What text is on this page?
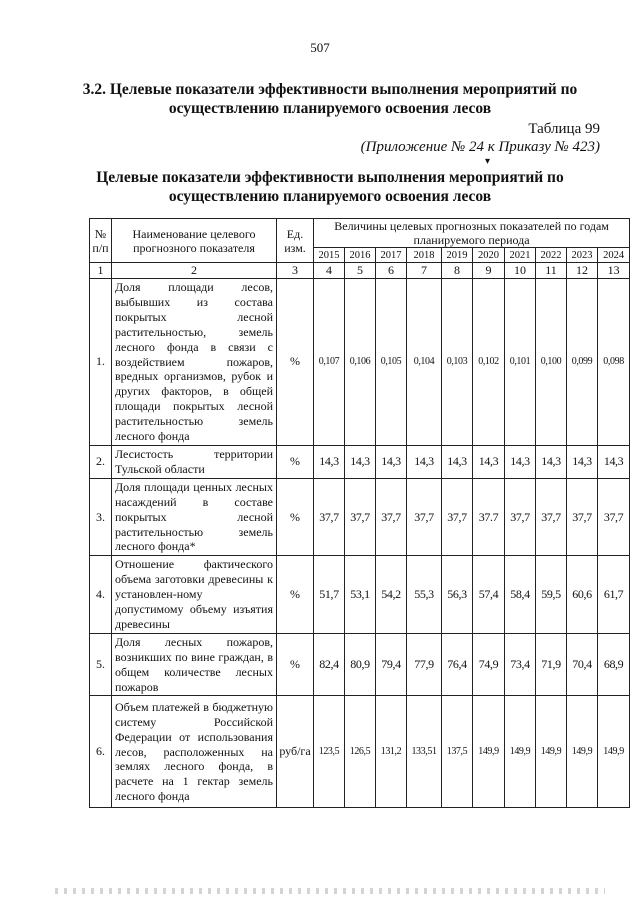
507
3.2. Целевые показатели эффективности выполнения мероприятий по
осуществлению планируемого освоения лесов
Таблица 99
(Приложение № 24 к Приказу № 423)
▾
Целевые показатели эффективности выполнения мероприятий по
осуществлению планируемого освоения лесов
№ п/п	Наименование целевого прогнозного показателя	Ед. изм.	Величины целевых прогнозных показателей по годам планируемого периода									
			2015	2016	2017	2018	2019	2020	2021	2022	2023	2024
1	2	3	4	5	6	7	8	9	10	11	12	13
1.	Доля площади лесов, выбывших из состава покрытых лесной растительностью, земель лесного фонда в связи с воздействием пожаров, вредных организмов, рубок и других факторов, в общей площади покрытых лесной растительностью земель лесного фонда	%	0,107	0,106	0,105	0,104	0,103	0,102	0,101	0,100	0,099	0,098
2.	Лесистость территории Тульской области	%	14,3	14,3	14,3	14,3	14,3	14,3	14,3	14,3	14,3	14,3
3.	Доля площади ценных лесных насаждений в составе покрытых лесной растительностью земель лесного фонда*	%	37,7	37,7	37,7	37,7	37,7	37.7	37,7	37,7	37,7	37,7
4.	Отношение фактического объема заготовки древесины к установлен-ному допустимому объему изъятия древесины	%	51,7	53,1	54,2	55,3	56,3	57,4	58,4	59,5	60,6	61,7
5.	Доля лесных пожаров, возникших по вине граждан, в общем количестве лесных пожаров	%	82,4	80,9	79,4	77,9	76,4	74,9	73,4	71,9	70,4	68,9
6.	Объем платежей в бюджетную систему Российской Федерации от использования лесов, расположенных на землях лесного фонда, в расчете на 1 гектар земель лесного фонда	руб/га	123,5	126,5	131,2	133,51	137,5	149,9	149,9	149,9	149,9	149,9
